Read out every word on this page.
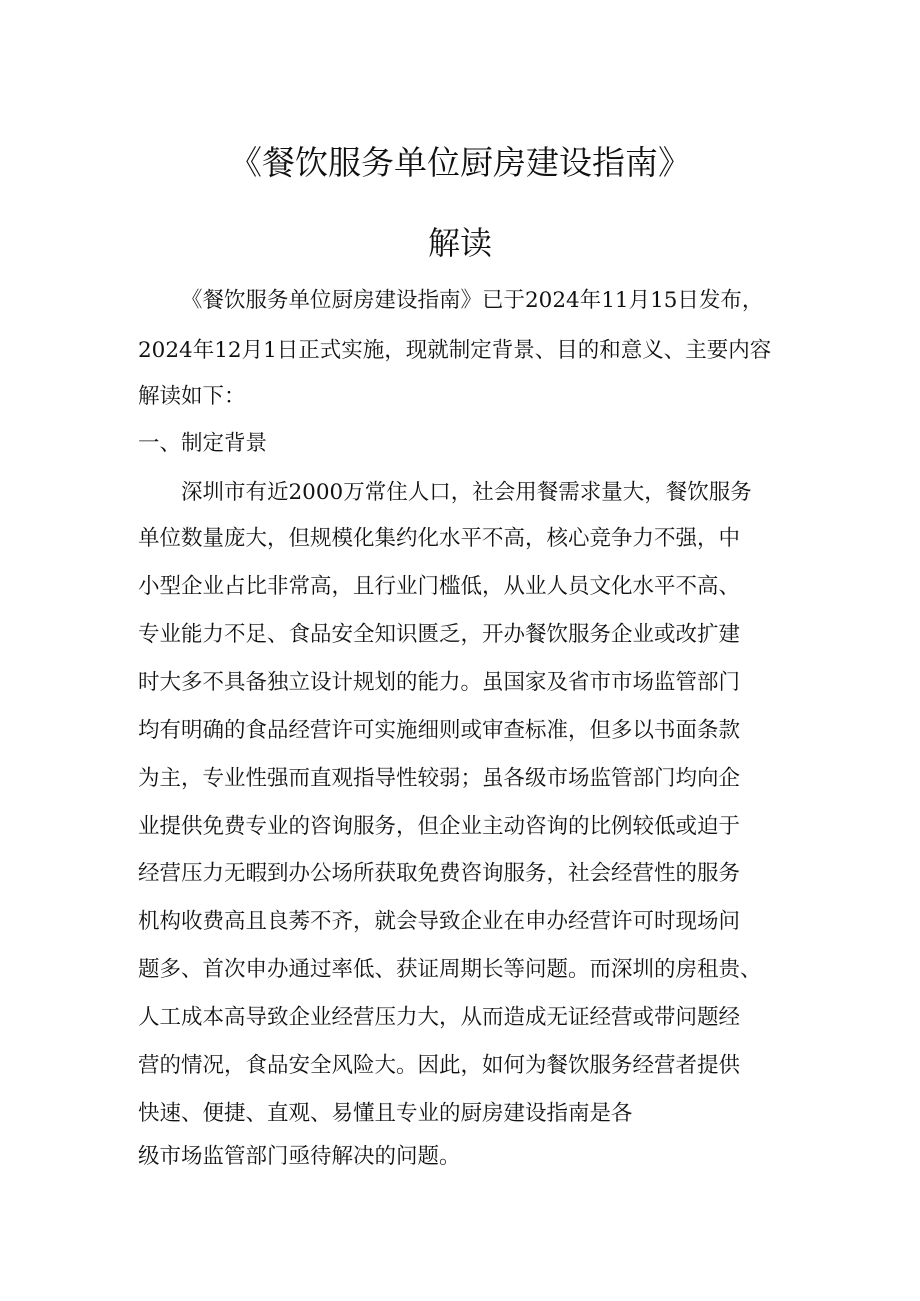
《餐饮服务单位厨房建设指南》
解读
《餐饮服务单位厨房建设指南》已于2024年11月15日发布，
2024年12月1日正式实施，现就制定背景、目的和意义、主要内容
解读如下：
一、制定背景
深圳市有近2000万常住人口，社会用餐需求量大，餐饮服务
单位数量庞大，但规模化集约化水平不高，核心竞争力不强，中
小型企业占比非常高，且行业门槛低，从业人员文化水平不高、
专业能力不足、食品安全知识匮乏，开办餐饮服务企业或改扩建
时大多不具备独立设计规划的能力。虽国家及省市市场监管部门
均有明确的食品经营许可实施细则或审查标准，但多以书面条款
为主，专业性强而直观指导性较弱；虽各级市场监管部门均向企
业提供免费专业的咨询服务，但企业主动咨询的比例较低或迫于
经营压力无暇到办公场所获取免费咨询服务，社会经营性的服务
机构收费高且良莠不齐，就会导致企业在申办经营许可时现场问
题多、首次申办通过率低、获证周期长等问题。而深圳的房租贵、
人工成本高导致企业经营压力大，从而造成无证经营或带问题经
营的情况，食品安全风险大。因此，如何为餐饮服务经营者提供
快速、便捷、直观、易懂且专业的厨房建设指南是各
级市场监管部门亟待解决的问题。
